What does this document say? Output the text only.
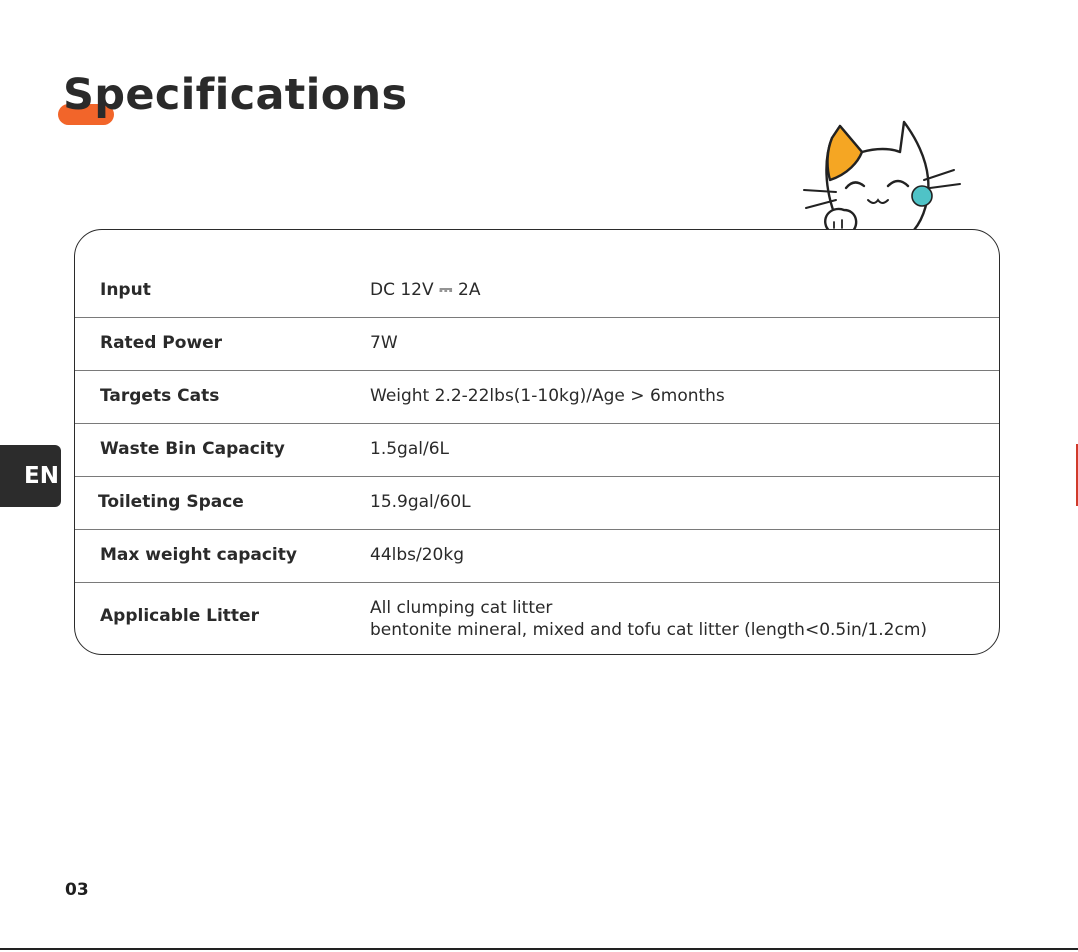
Specifications
Input	DC 12V ⎓ 2A
Rated Power	7W
Targets Cats	Weight 2.2-22lbs(1-10kg)/Age > 6months
Waste Bin Capacity	1.5gal/6L
Toileting Space	15.9gal/60L
Max weight capacity	44lbs/20kg
Applicable Litter	All clumping cat litter
bentonite mineral, mixed and tofu cat litter (length<0.5in/1.2cm)
EN
03
